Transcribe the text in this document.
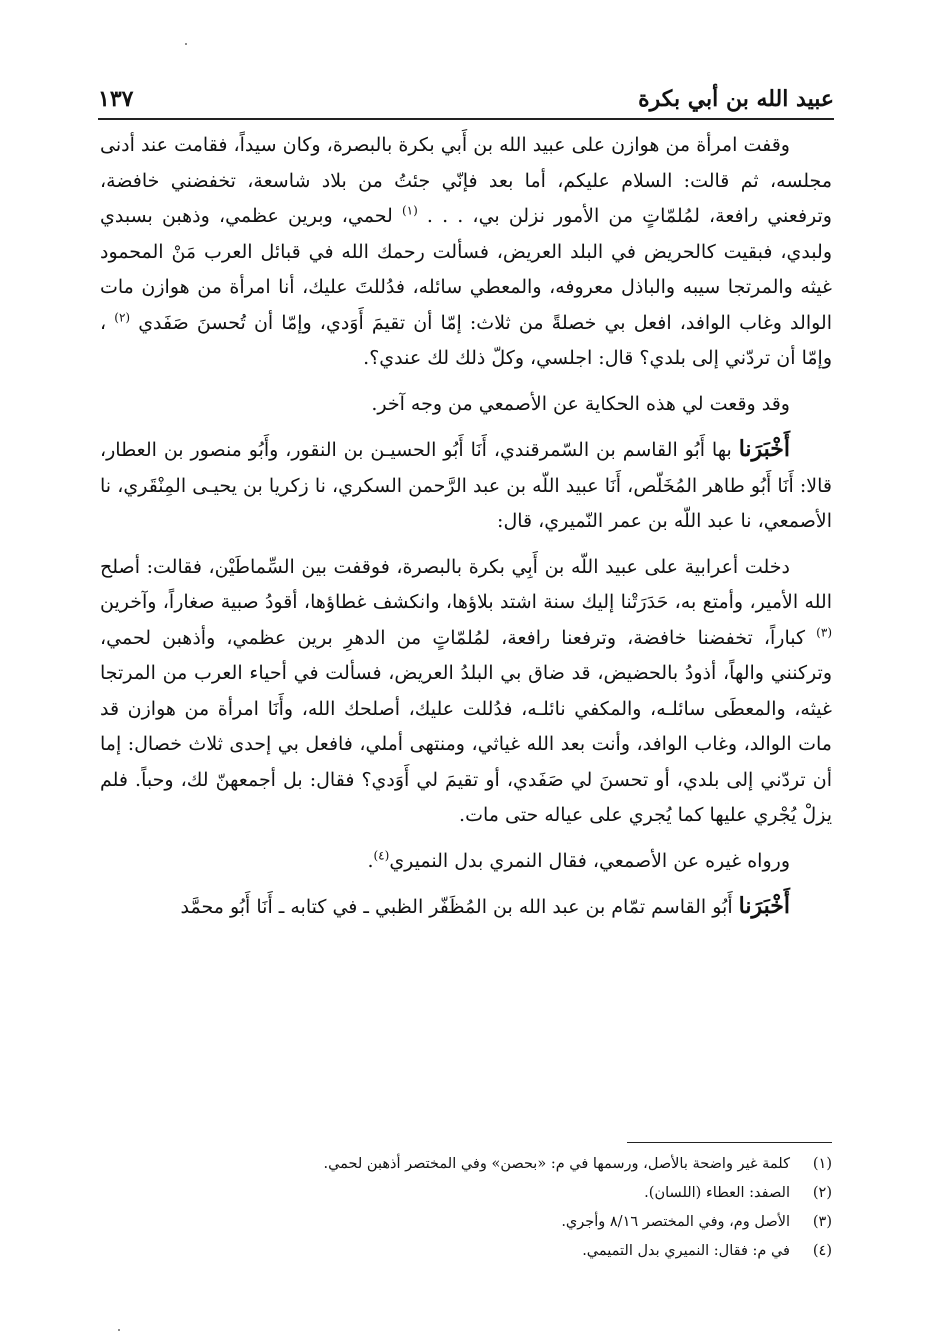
عبيد الله بن أبي بكرة
١٣٧

وقفت امرأة من هوازن على عبيد الله بن أَبي بكرة بالبصرة، وكان سيداً، فقامت عند أدنى مجلسه، ثم قالت: السلام عليكم، أما بعد فإنّي جئتُ من بلاد شاسعة، تخفضني خافضة، وترفعني رافعة، لمُلمّاتٍ من الأمور نزلن بي، . . . $^{(١)}$ لحمي، وبرين عظمي، وذهبن بسبدي ولبدي، فبقيت كالحريض في البلد العريض، فسألت رحمك الله في قبائل العرب مَنْ المحمود غيثه والمرتجا سيبه والباذل معروفه، والمعطي سائله، فدُللتَ عليك، أنا امرأة من هوازن مات الوالد وغاب الوافد، افعل بي خصلةً من ثلاث: إمّا أن تقيمَ أَوَدي، وإمّا أن تُحسنَ صَفَدي $^{(٢)}$ ، وإمّا أن تردّني إلى بلدي؟ قال: اجلسي، وكلّ ذلك لك عندي؟.

وقد وقعت لي هذه الحكاية عن الأصمعي من وجه آخر.

أَخْبَرَنا بها أَبُو القاسم بن السّمرقندي، أَنَا أَبُو الحسيـن بن النقور، وأَبُو منصور بن العطار، قالا: أَنَا أَبُو طاهر المُخَلّص، أَنَا عبيد اللّه بن عبد الرَّحمن السكري، نا زكريا بن يحيـى المِنْقَري، نا الأصمعي، نا عبد اللّه بن عمر النّميري، قال:

دخلت أعرابية على عبيد اللّه بن أَبِي بكرة بالبصرة، فوقفت بين السِّماطَيْن، فقالت: أصلح الله الأمير، وأمتع به، حَدَرَتْنا إليك سنة اشتد بلاؤها، وانكشف غطاؤها، أقودُ صبية صغاراً، وآخرين $^{(٣)}$ كباراً، تخفضنا خافضة، وترفعنا رافعة، لمُلمّاتٍ من الدهرِ برين عظمي، وأذهبن لحمي، وتركنني والهاً، أذودُ بالحضيض، قد ضاق بي البلدُ العريض، فسألت في أحياء العرب من المرتجا غيثه، والمعطَى سائلـه، والمكفي نائلـه، فدُللت عليك، أصلحك الله، وأَنَا امرأة من هوازن قد مات الوالد، وغاب الوافد، وأنت بعد الله غياثي، ومنتهى أملي، فافعل بي إحدى ثلاث خصال: إما أن تردّني إلى بلدي، أو تحسنَ لي صَفَدي، أو تقيمَ لي أَوَدي؟ فقال: بل أجمعهنّ لك، وحباً. فلم يزلْ يُجْري عليها كما يُجري على عياله حتى مات.

ورواه غيره عن الأصمعي، فقال النمري بدل النميري$^{(٤)}$.

أَخْبَرَنا أَبُو القاسم تمّام بن عبد الله بن المُظَفّر الظبي ـ في كتابه ـ أَنَا أَبُو محمَّد

(١)
كلمة غير واضحة بالأصل، ورسمها في م: «بحصن» وفي المختصر أذهبن لحمي.
(٢)
الصفد: العطاء (اللسان).
(٣)
الأصل وم، وفي المختصر ٨/١٦ وأجري.
(٤)
في م: فقال: النميري بدل التميمي.
